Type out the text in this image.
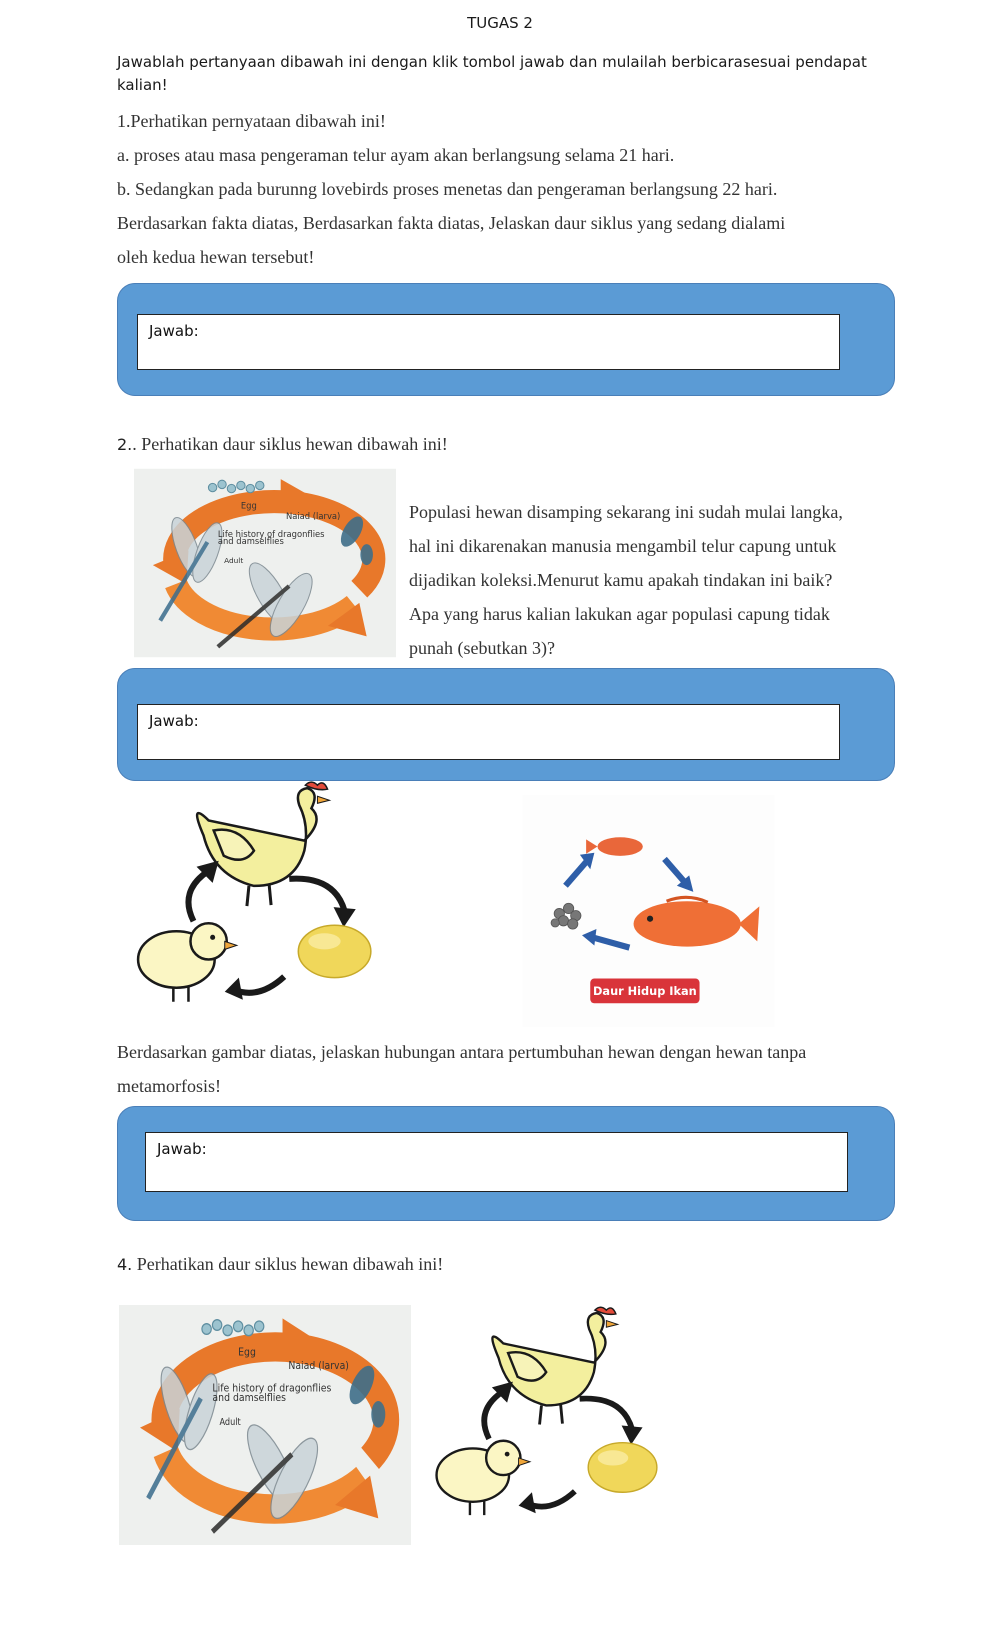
TUGAS 2
Jawablah pertanyaan dibawah ini dengan klik tombol jawab dan mulailah berbicarasesuai pendapat kalian!
1.Perhatikan pernyataan dibawah ini!
a. proses atau masa pengeraman telur ayam akan berlangsung selama 21 hari.
b. Sedangkan pada burunng lovebirds proses menetas dan pengeraman berlangsung 22 hari.
Berdasarkan fakta diatas, Berdasarkan fakta diatas, Jelaskan daur siklus yang sedang dialami
oleh kedua hewan tersebut!
Jawab:
2.. Perhatikan daur siklus hewan dibawah ini!
Egg
Naiad (larva)
Life history of dragonflies
and damselflies
Adult
Populasi hewan disamping sekarang ini sudah mulai langka,
hal ini dikarenakan manusia mengambil telur capung untuk
dijadikan koleksi.Menurut kamu apakah tindakan ini baik?
Apa yang harus kalian lakukan agar populasi capung tidak
punah (sebutkan 3)?
Jawab:
Daur Hidup Ikan
Berdasarkan gambar diatas, jelaskan hubungan antara pertumbuhan hewan dengan hewan tanpa
metamorfosis!
Jawab:
4. Perhatikan daur siklus hewan dibawah ini!
Egg
Naiad (larva)
Life history of dragonflies
and damselflies
Adult
